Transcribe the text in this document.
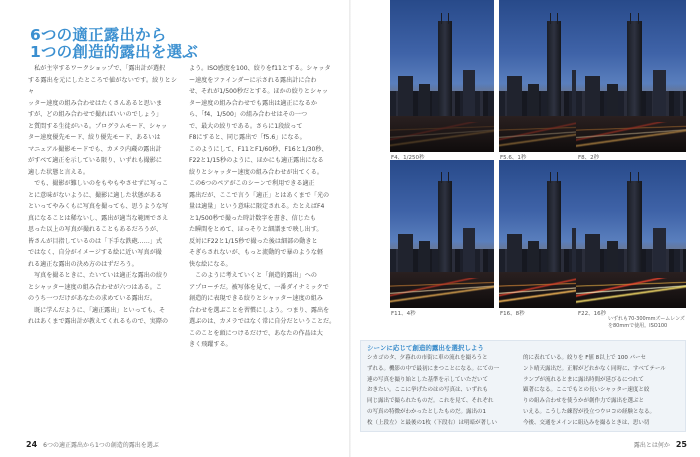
6つの適正露出から
1つの創造的露出を選ぶ

　私が主宰するワークショップで、「露出計が選択

する露出を元にしたところで値がないです。絞りとシャ

ッター速度の組み合わせはたくさんあると思いま

すが、どの組み合わせで撮ればいいのでしょう」

と質問する生徒がいる。プログラムモード、シャッ

ター速度優先モード、絞り優先モード、あるいは

マニュアル撮影モードでも、カメラ内蔵の露出計

がすべて適正を示している限り、いずれも撮影に

適した状態と言える。

　でも、撮影が難しいのをもやもやさせずに写っこ

とに意味がないように、撮影に適した状態がある

といってやみくもに写真を撮っても、思うような写

真になることは稀ないし、露出が適当な範囲でさえ

思った以上の写真が撮れることもあるだろうが、

皆さんが目指しているのは「下手な鉄砲……」式

ではなく、自分がイメージする絵に近い写真が撮

れる適正な露出の決め方のはずだろう。

　写真を撮るときに、たいていは適正な露出の絞り

とシャッター速度の組み合わせが六つはある。こ

のうち一つだけがあなたの求めている露出だ。

　既に学んだように、「適正露出」といっても、そ

れはあくまで露出計が教えてくれるもので、実際の

よう。ISO感度を100、絞りをf11とする。シャッタ

ー速度をファインダーに示される露出計に合わ

せ、それが1/500秒だとする。ほかの絞りとシャッ

ター速度の組み合わせでも露出は適正になるか

ら、「f4、1/500」の組み合わせはその一つ

で、最大の絞りである。さらに1段絞って

F8にすると、同じ露出で「f5.6」になる。

このようにして、F11とF1/60秒、F16と1/30秒、

F22と1/15秒のように、ほかにも適正露出になる

絞りとシャッター速度の組み合わせが出てくる。

この6つのペアがこのシーンで利用できる適正

露出だが、ここで言う「適正」とはあくまで「光の

量は適量」という意味に限定される。たとえばF4

と1/500秒で撮った時計数字を書き、信じたも

た瞬間をとめて、ほっそりと細譜まで映し出す。

反対にF22と1/15秒で撮った後は細部の動きと

そぎらされないが、もっと流動的で暴のような軽

快な絵になる。

　このように考えていくと「創造的露出」への

アプローチだ。被写体を見て、一番ダイナミックで

創造的に表現できる絞りとシャッター速度の組み

合わせを選ぶことを習慣にしよう。つまり、露出を

選ぶのは、カメラではなく常に自分だということだ。

このことを頭につけるだけで、あなたの作品は大

きく飛躍する。

24 6つの適正露出から1つの創造的露出を選ぶ
F4、1/250秒	F5.6、1秒	F8、2秒
F11、4秒	F16、8秒	F22、16秒
いずれも70-300mmズームレンズを80mmで使用。ISO100
シーンに応じて創造的露出を選択しよう

シカゴのタ、夕暮れの市街に車の流れを撮ろうと

ずれる。機影の中で最初にまつことになる。にての一

連の写真を撮り始とした基準を示していただいて

おきたい。ここに挙げたのはの写真は、いずれも

同じ露出で撮られたものだ。これを見て、それぞれ

の写真の特徴がわかったとしたものだ。露出の1

枚（上段左）と最後の1枚（下段右）は明暗が著しい

的に表れている。絞りを F値 8以上で 100 パーセ

ント晴天露出だ。正解がどれかなく同時に、すべてテール

ランプが流れるとまに露出時間が延びるにつれて

顕著になる。ここでもとの長いシャッター速度と絞

りの組み合わせを使うかが創作力で露出を選ぶと

いえる。こうした練習が役立つウロコの経験となる。

今後、交通をメインに組込みを撮るときは、思い切

露出とは何か 25
